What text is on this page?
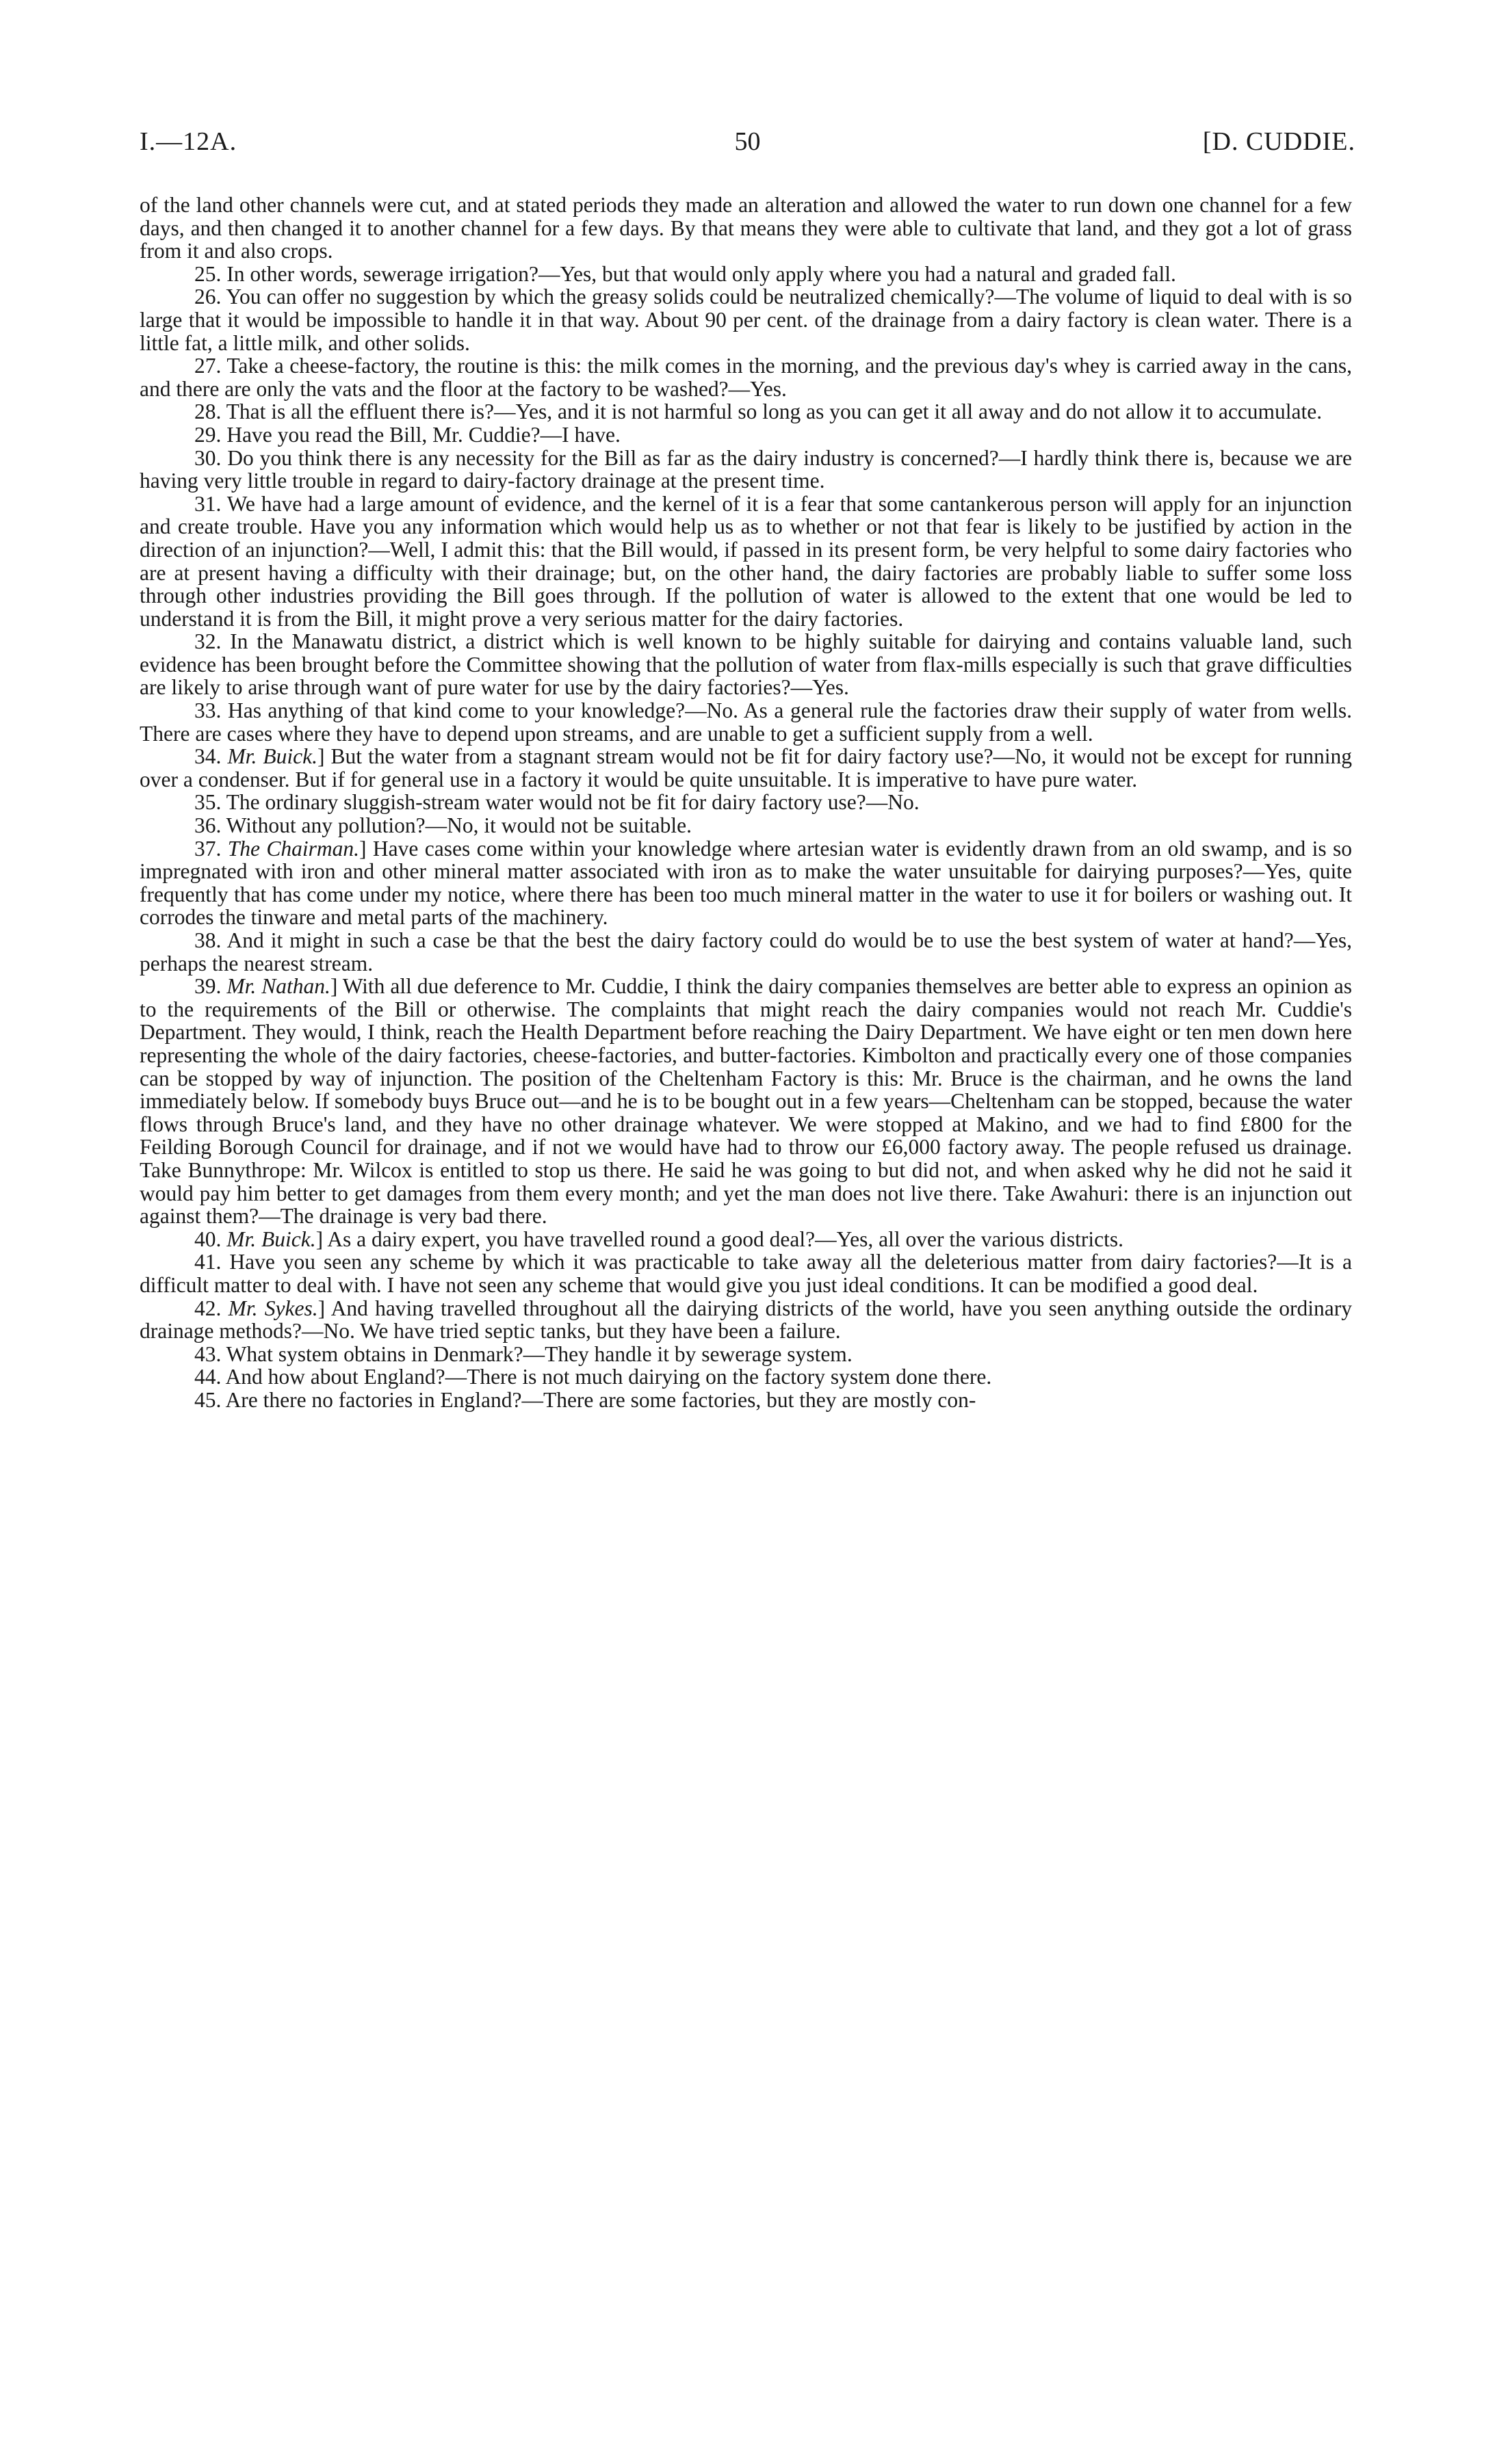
I.—12A.	50	[D. CUDDIE.

of the land other channels were cut, and at stated periods they made an alteration and allowed the water to run down one channel for a few days, and then changed it to another channel for a few days. By that means they were able to cultivate that land, and they got a lot of grass from it and also crops.

25. In other words, sewerage irrigation?—Yes, but that would only apply where you had a natural and graded fall.

26. You can offer no suggestion by which the greasy solids could be neutralized chemically?—The volume of liquid to deal with is so large that it would be impossible to handle it in that way. About 90 per cent. of the drainage from a dairy factory is clean water. There is a little fat, a little milk, and other solids.

27. Take a cheese-factory, the routine is this: the milk comes in the morning, and the previous day's whey is carried away in the cans, and there are only the vats and the floor at the factory to be washed?—Yes.

28. That is all the effluent there is?—Yes, and it is not harmful so long as you can get it all away and do not allow it to accumulate.

29. Have you read the Bill, Mr. Cuddie?—I have.

30. Do you think there is any necessity for the Bill as far as the dairy industry is concerned?—I hardly think there is, because we are having very little trouble in regard to dairy-factory drainage at the present time.

31. We have had a large amount of evidence, and the kernel of it is a fear that some cantankerous person will apply for an injunction and create trouble. Have you any information which would help us as to whether or not that fear is likely to be justified by action in the direction of an injunction?—Well, I admit this: that the Bill would, if passed in its present form, be very helpful to some dairy factories who are at present having a difficulty with their drainage; but, on the other hand, the dairy factories are probably liable to suffer some loss through other industries providing the Bill goes through. If the pollution of water is allowed to the extent that one would be led to understand it is from the Bill, it might prove a very serious matter for the dairy factories.

32. In the Manawatu district, a district which is well known to be highly suitable for dairying and contains valuable land, such evidence has been brought before the Committee showing that the pollution of water from flax-mills especially is such that grave difficulties are likely to arise through want of pure water for use by the dairy factories?—Yes.

33. Has anything of that kind come to your knowledge?—No. As a general rule the factories draw their supply of water from wells. There are cases where they have to depend upon streams, and are unable to get a sufficient supply from a well.

34. Mr. Buick.] But the water from a stagnant stream would not be fit for dairy factory use?—No, it would not be except for running over a condenser. But if for general use in a factory it would be quite unsuitable. It is imperative to have pure water.

35. The ordinary sluggish-stream water would not be fit for dairy factory use?—No.

36. Without any pollution?—No, it would not be suitable.

37. The Chairman.] Have cases come within your knowledge where artesian water is evidently drawn from an old swamp, and is so impregnated with iron and other mineral matter associated with iron as to make the water unsuitable for dairying purposes?—Yes, quite frequently that has come under my notice, where there has been too much mineral matter in the water to use it for boilers or washing out. It corrodes the tinware and metal parts of the machinery.

38. And it might in such a case be that the best the dairy factory could do would be to use the best system of water at hand?—Yes, perhaps the nearest stream.

39. Mr. Nathan.] With all due deference to Mr. Cuddie, I think the dairy companies themselves are better able to express an opinion as to the requirements of the Bill or otherwise. The complaints that might reach the dairy companies would not reach Mr. Cuddie's Department. They would, I think, reach the Health Department before reaching the Dairy Department. We have eight or ten men down here representing the whole of the dairy factories, cheese-factories, and butter-factories. Kimbolton and practically every one of those companies can be stopped by way of injunction. The position of the Cheltenham Factory is this: Mr. Bruce is the chairman, and he owns the land immediately below. If somebody buys Bruce out—and he is to be bought out in a few years—Cheltenham can be stopped, because the water flows through Bruce's land, and they have no other drainage whatever. We were stopped at Makino, and we had to find £800 for the Feilding Borough Council for drainage, and if not we would have had to throw our £6,000 factory away. The people refused us drainage. Take Bunnythrope: Mr. Wilcox is entitled to stop us there. He said he was going to but did not, and when asked why he did not he said it would pay him better to get damages from them every month; and yet the man does not live there. Take Awahuri: there is an injunction out against them?—The drainage is very bad there.

40. Mr. Buick.] As a dairy expert, you have travelled round a good deal?—Yes, all over the various districts.

41. Have you seen any scheme by which it was practicable to take away all the deleterious matter from dairy factories?—It is a difficult matter to deal with. I have not seen any scheme that would give you just ideal conditions. It can be modified a good deal.

42. Mr. Sykes.] And having travelled throughout all the dairying districts of the world, have you seen anything outside the ordinary drainage methods?—No. We have tried septic tanks, but they have been a failure.

43. What system obtains in Denmark?—They handle it by sewerage system.

44. And how about England?—There is not much dairying on the factory system done there.

45. Are there no factories in England?—There are some factories, but they are mostly con-
